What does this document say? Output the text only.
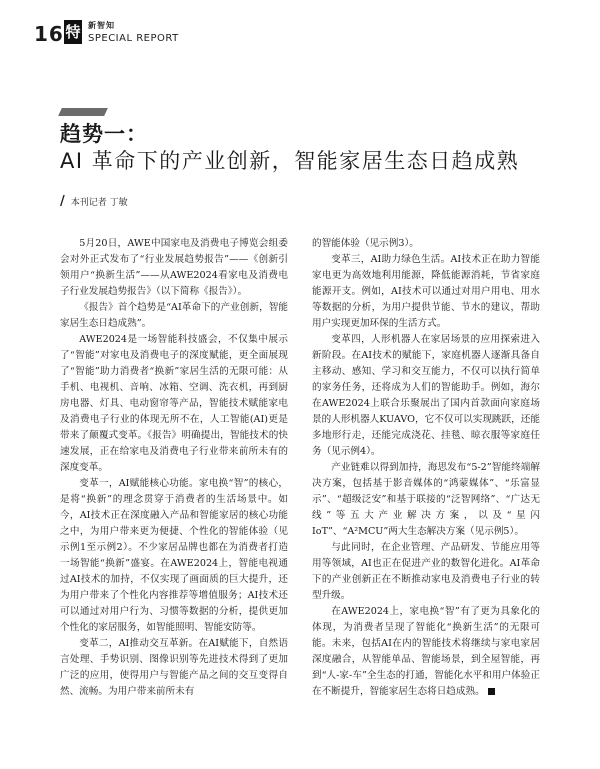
16 特 新智知
SPECIAL REPORT
趋势一：
AI 革命下的产业创新，智能家居生态日趋成熟
/ 本刊记者 丁敏

5月20日，AWE中国家电及消费电子博览会组委会对外正式发布了“行业发展趋势报告”——《创新引领用户“换新生活”——从AWE2024看家电及消费电子行业发展趋势报告》（以下简称《报告》）。

《报告》首个趋势是“AI革命下的产业创新，智能家居生态日趋成熟”。

AWE2024是一场智能科技盛会，不仅集中展示了“智能”对家电及消费电子的深度赋能，更全面展现了“智能”助力消费者“换新”家居生活的无限可能：从手机、电视机、音响、冰箱、空调、洗衣机，再到厨房电器、灯具、电动窗帘等产品，智能技术赋能家电及消费电子行业的体现无所不在，人工智能(AI)更是带来了颠覆式变革。《报告》明确提出，智能技术的快速发展，正在给家电及消费电子行业带来前所未有的深度变革。

变革一，AI赋能核心功能。家电换“智”的核心，是将“换新”的理念贯穿于消费者的生活场景中。如今，AI技术正在深度融入产品和智能家居的核心功能之中，为用户带来更为便捷、个性化的智能体验（见示例1至示例2）。不少家居品牌也都在为消费者打造一场智能“换新”盛宴。在AWE2024上，智能电视通过AI技术的加持，不仅实现了画面质的巨大提升，还为用户带来了个性化内容推荐等增值服务；AI技术还可以通过对用户行为、习惯等数据的分析，提供更加个性化的家居服务，如智能照明、智能安防等。

变革二，AI推动交互革新。在AI赋能下，自然语言处理、手势识别、图像识别等先进技术得到了更加广泛的应用，使得用户与智能产品之间的交互变得自然、流畅。为用户带来前所未有

的智能体验（见示例3）。

变革三，AI助力绿色生活。AI技术正在助力智能家电更为高效地利用能源，降低能源消耗，节省家庭能源开支。例如，AI技术可以通过对用户用电、用水等数据的分析，为用户提供节能、节水的建议，帮助用户实现更加环保的生活方式。

变革四，人形机器人在家居场景的应用探索进入新阶段。在AI技术的赋能下，家庭机器人逐渐具备自主移动、感知、学习和交互能力，不仅可以执行简单的家务任务，还将成为人们的智能助手。例如，海尔在AWE2024上联合乐聚展出了国内首款面向家庭场景的人形机器人KUAVO，它不仅可以实现跳跃，还能多地形行走，还能完成浇花、挂毯、晾衣服等家庭任务（见示例4）。

产业链难以得到加持，海思发布“5-2”智能终端解决方案，包括基于影音媒体的“鸿蒙媒体”、“乐富显示”、“超级泛安”和基于联接的“泛智网络”、“广达无线”等五大产业解决方案，以及“星闪IoT”、“A²MCU”两大生态解决方案（见示例5）。

与此同时，在企业管理、产品研发、节能应用等用等领域，AI也正在促进产业的数智化进化。AI革命下的产业创新正在不断推动家电及消费电子行业的转型升级。

在AWE2024上，家电换“智”有了更为具象化的体现，为消费者呈现了智能化“换新生活”的无限可能。未来，包括AI在内的智能技术将继续与家电家居深度融合，从智能单品、智能场景，到全屋智能，再到“人-家-车”全生态的打通，智能化水平和用户体验正在不断提升，智能家居生态将日趋成熟。
